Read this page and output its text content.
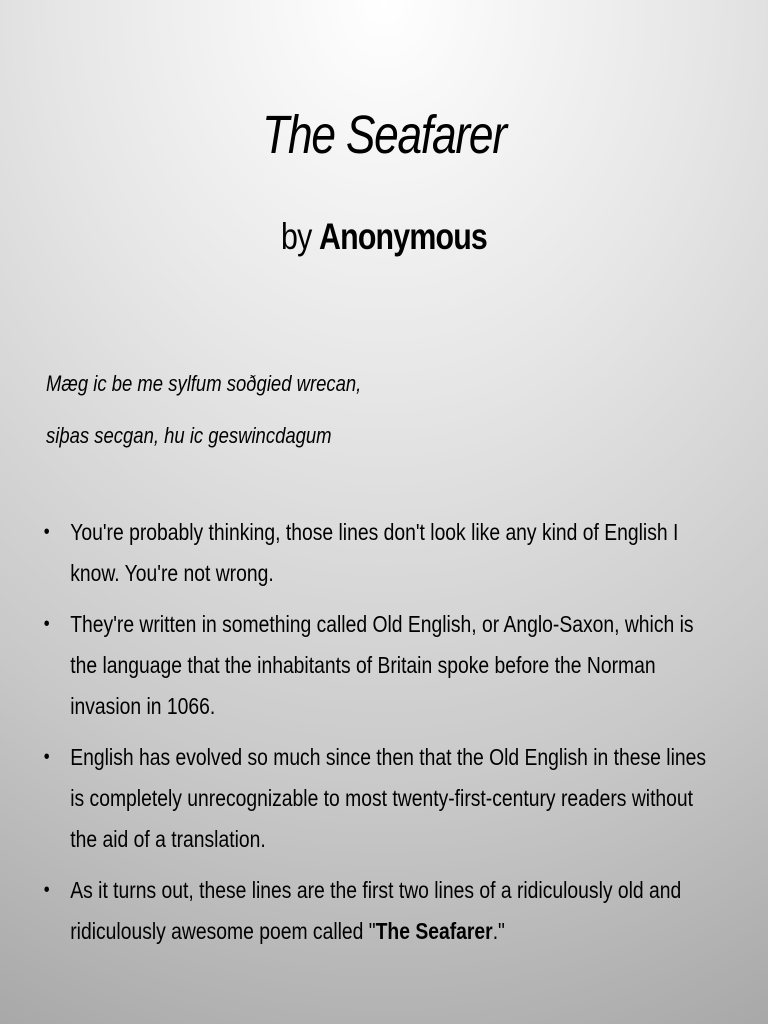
The Seafarer
by Anonymous
Mæg ic be me sylfum soðgied wrecan,
siþas secgan, hu ic geswincdagum
• You're probably thinking, those lines don't look like any kind of English I know. You're not wrong.
• They're written in something called Old English, or Anglo-Saxon, which is the language that the inhabitants of Britain spoke before the Norman invasion in 1066.
• English has evolved so much since then that the Old English in these lines is completely unrecognizable to most twenty-first-century readers without the aid of a translation.
• As it turns out, these lines are the first two lines of a ridiculously old and ridiculously awesome poem called "The Seafarer."
